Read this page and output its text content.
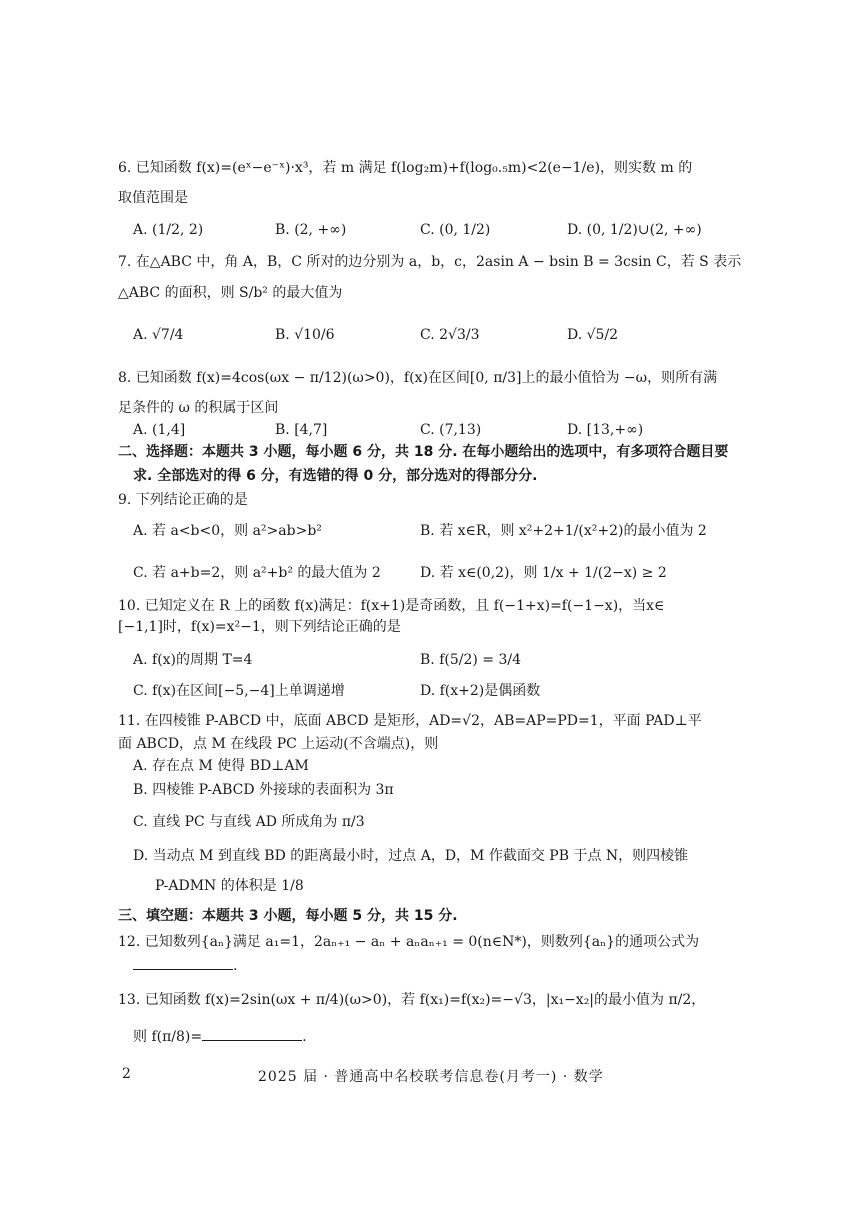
6. 已知函数 f(x)=(eˣ−e⁻ˣ)·x³，若 m 满足 f(log₂m)+f(log₀.₅m)<2(e−1/e)，则实数 m 的
取值范围是
A. (1/2, 2)	B. (2, +∞)	C. (0, 1/2)	D. (0, 1/2)∪(2, +∞)
7. 在△ABC 中，角 A，B，C 所对的边分别为 a，b，c，2asin A − bsin B = 3csin C，若 S 表示
△ABC 的面积，则 S/b² 的最大值为
A. √7/4	B. √10/6	C. 2√3/3	D. √5/2
8. 已知函数 f(x)=4cos(ωx − π/12)(ω>0)，f(x)在区间[0, π/3]上的最小值恰为 −ω，则所有满
足条件的 ω 的积属于区间
A. (1,4]	B. [4,7]	C. (7,13)	D. [13,+∞)
二、选择题：本题共 3 小题，每小题 6 分，共 18 分. 在每小题给出的选项中，有多项符合题目要
求. 全部选对的得 6 分，有选错的得 0 分，部分选对的得部分分.
9. 下列结论正确的是
A. 若 a<b<0，则 a²>ab>b²	B. 若 x∈R，则 x²+2+1/(x²+2)的最小值为 2
C. 若 a+b=2，则 a²+b² 的最大值为 2	D. 若 x∈(0,2)，则 1/x + 1/(2−x) ≥ 2
10. 已知定义在 R 上的函数 f(x)满足：f(x+1)是奇函数，且 f(−1+x)=f(−1−x)，当x∈
[−1,1]时，f(x)=x²−1，则下列结论正确的是
A. f(x)的周期 T=4	B. f(5/2) = 3/4
C. f(x)在区间[−5,−4]上单调递增	D. f(x+2)是偶函数
11. 在四棱锥 P-ABCD 中，底面 ABCD 是矩形，AD=√2，AB=AP=PD=1，平面 PAD⊥平
面 ABCD，点 M 在线段 PC 上运动(不含端点)，则
A. 存在点 M 使得 BD⊥AM
B. 四棱锥 P-ABCD 外接球的表面积为 3π
C. 直线 PC 与直线 AD 所成角为 π/3
D. 当动点 M 到直线 BD 的距离最小时，过点 A，D，M 作截面交 PB 于点 N，则四棱锥
P-ADMN 的体积是 1/8
三、填空题：本题共 3 小题，每小题 5 分，共 15 分.
12. 已知数列{aₙ}满足 a₁=1，2aₙ₊₁ − aₙ + aₙaₙ₊₁ = 0(n∈N*)，则数列{aₙ}的通项公式为
.
13. 已知函数 f(x)=2sin(ωx + π/4)(ω>0)，若 f(x₁)=f(x₂)=−√3，|x₁−x₂|的最小值为 π/2，
则 f(π/8)=	.
2	2025 届 · 普通高中名校联考信息卷(月考一) · 数学
